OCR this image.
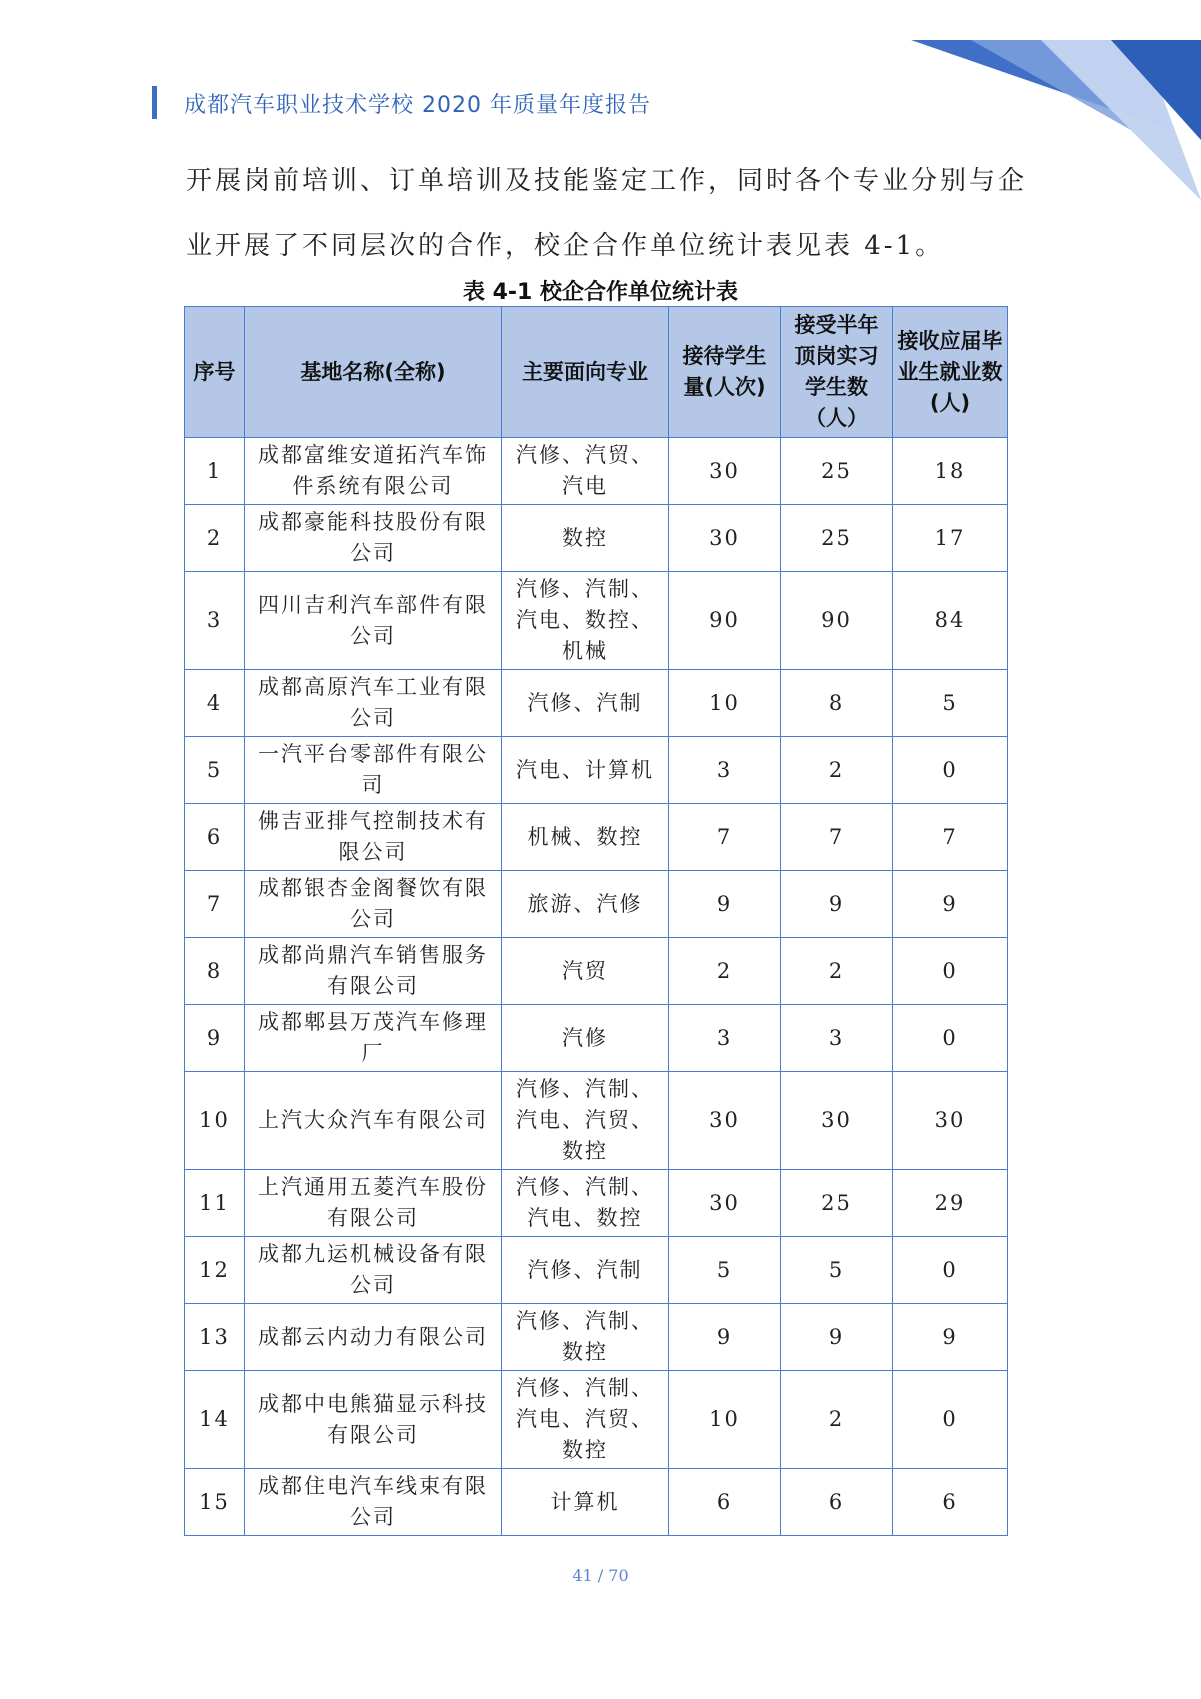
成都汽车职业技术学校 2020 年质量年度报告
开展岗前培训、订单培训及技能鉴定工作，同时各个专业分别与企
业开展了不同层次的合作，校企合作单位统计表见表 4-1。
表 4-1 校企合作单位统计表
序号	基地名称(全称)	主要面向专业	接待学生量(人次)	接受半年顶岗实习学生数（人）	接收应届毕业生就业数(人)
1	成都富维安道拓汽车饰件系统有限公司	汽修、汽贸、汽电	30	25	18
2	成都豪能科技股份有限公司	数控	30	25	17
3	四川吉利汽车部件有限公司	汽修、汽制、汽电、数控、机械	90	90	84
4	成都高原汽车工业有限公司	汽修、汽制	10	8	5
5	一汽平台零部件有限公司	汽电、计算机	3	2	0
6	佛吉亚排气控制技术有限公司	机械、数控	7	7	7
7	成都银杏金阁餐饮有限公司	旅游、汽修	9	9	9
8	成都尚鼎汽车销售服务有限公司	汽贸	2	2	0
9	成都郫县万茂汽车修理厂	汽修	3	3	0
10	上汽大众汽车有限公司	汽修、汽制、汽电、汽贸、数控	30	30	30
11	上汽通用五菱汽车股份有限公司	汽修、汽制、汽电、数控	30	25	29
12	成都九运机械设备有限公司	汽修、汽制	5	5	0
13	成都云内动力有限公司	汽修、汽制、数控	9	9	9
14	成都中电熊猫显示科技有限公司	汽修、汽制、汽电、汽贸、数控	10	2	0
15	成都住电汽车线束有限公司	计算机	6	6	6
41 / 70
